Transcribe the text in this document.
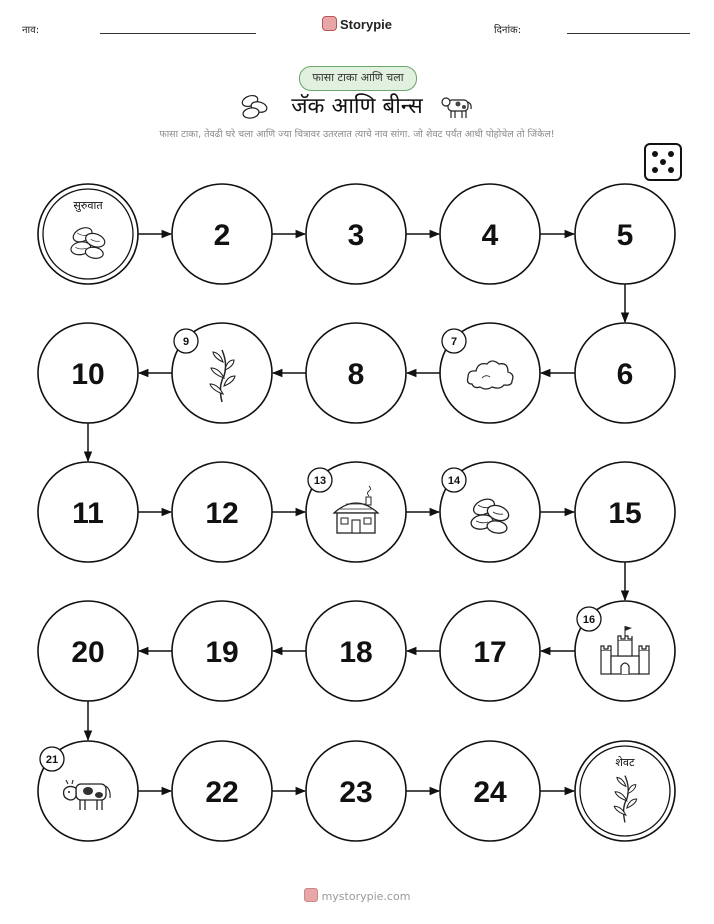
नाव:	Storypie	दिनांक:
फासा टाका आणि चला
जॅक आणि बीन्स
फासा टाका, तेवढी घरे चला आणि ज्या चित्रावर उतरलात त्याचे नाव सांगा. जो शेवट पर्यंत आधी पोहोचेल तो जिंकेल!
सुरुवात
2	3	4	5
6
7
8
9
10
11	12
13	14
15
16
17
18
19
20
21
22	23	24
शेवट
mystorypie.com
